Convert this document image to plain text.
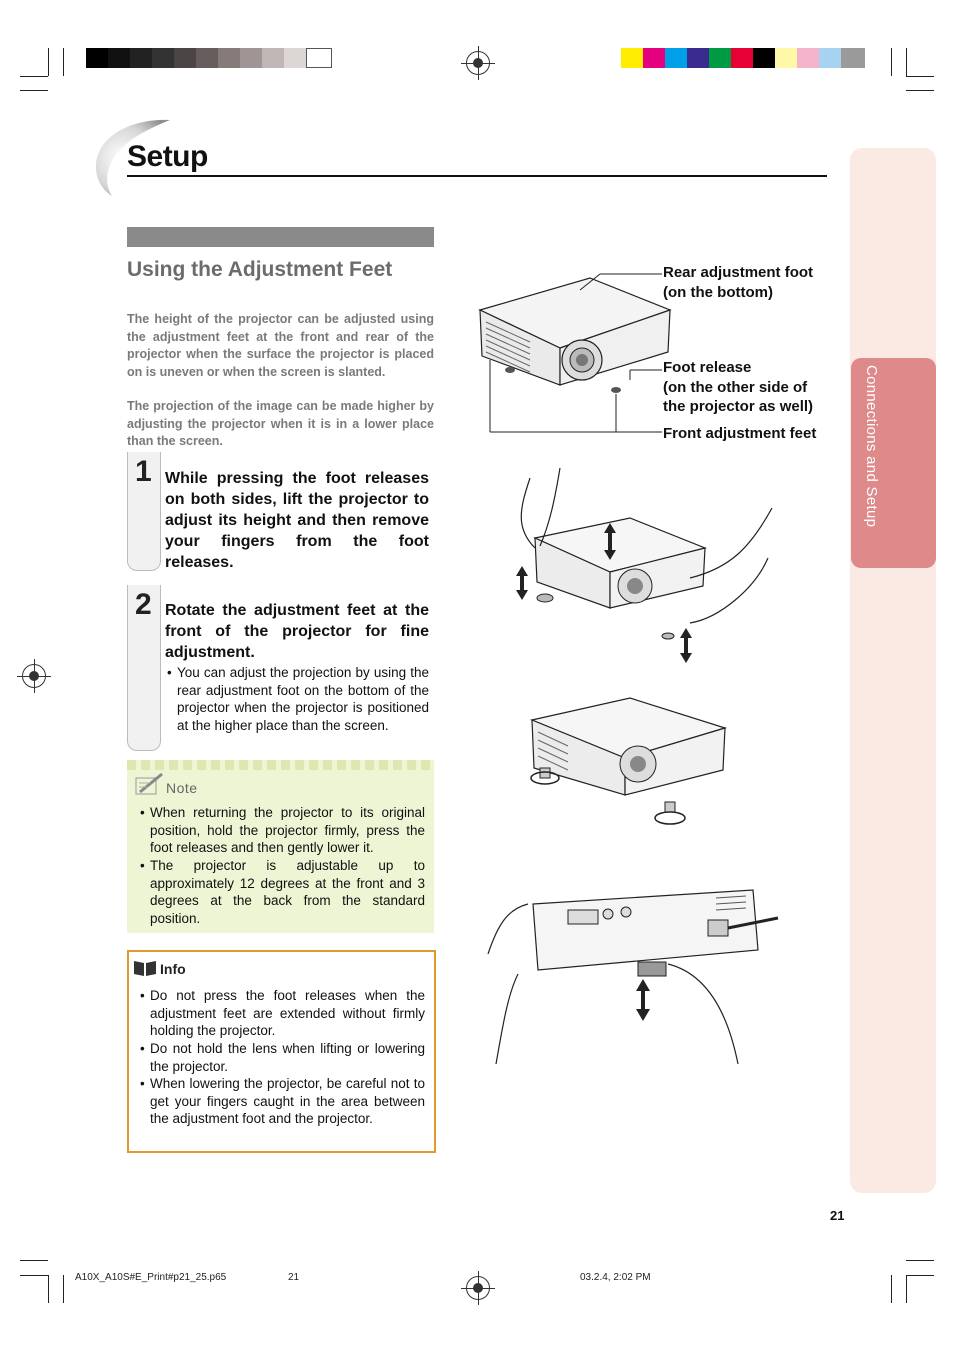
Setup
Connections and Setup
Using the Adjustment Feet
The height of the projector can be adjusted using the adjustment feet at the front and rear of the projector when the surface the projector is placed on is uneven or when the screen is slanted.
The projection of the image can be made higher by adjusting the projector when it is in a lower place than the screen.
1 While pressing the foot releases on both sides, lift the projector to adjust its height and then remove your fingers from the foot releases.
2 Rotate the adjustment feet at the front of the projector for fine adjustment.
• You can adjust the projection by using the rear adjustment foot on the bottom of the projector when the projector is positioned at the higher place than the screen.
Note
• When returning the projector to its original position, hold the projector firmly, press the foot releases and then gently lower it.
• The projector is adjustable up to approximately 12 degrees at the front and 3 degrees at the back from the standard position.
Info
• Do not press the foot releases when the adjustment feet are extended without firmly holding the projector.
• Do not hold the lens when lifting or lowering the projector.
• When lowering the projector, be careful not to get your fingers caught in the area between the adjustment foot and the projector.
Rear adjustment foot
(on the bottom)
Foot release
(on the other side of
the projector as well)
Front adjustment feet
21
A10X_A10S#E_Print#p21_25.p65	21	03.2.4, 2:02 PM
